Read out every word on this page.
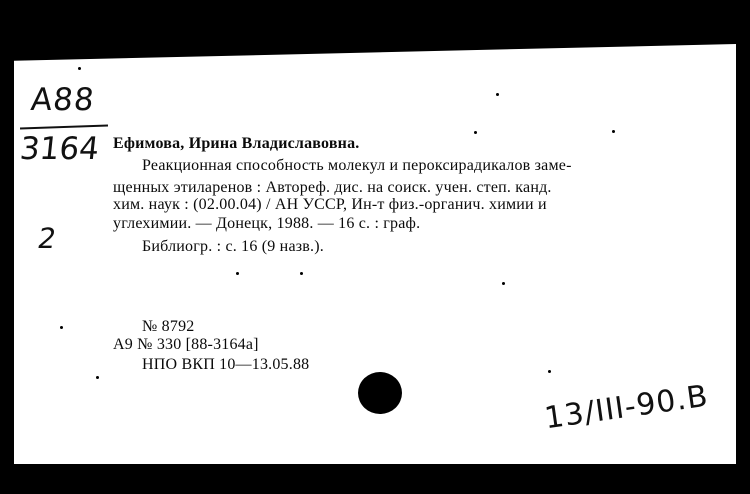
A88
3164
2
Ефимова, Ирина Владиславовна.
Реакционная способность молекул и пероксирадикалов заме-
щенных этиларенов : Автореф. дис. на соиск. учен. степ. канд.
хим. наук : (02.00.04) / АН УССР, Ин-т физ.-органич. химии и
углехимии. — Донецк, 1988. — 16 с. : граф.
Библиогр. : с. 16 (9 назв.).
№ 8792
А9 № 330 [88-3164а]
НПО ВКП 10—13.05.88
13/III-90.В
